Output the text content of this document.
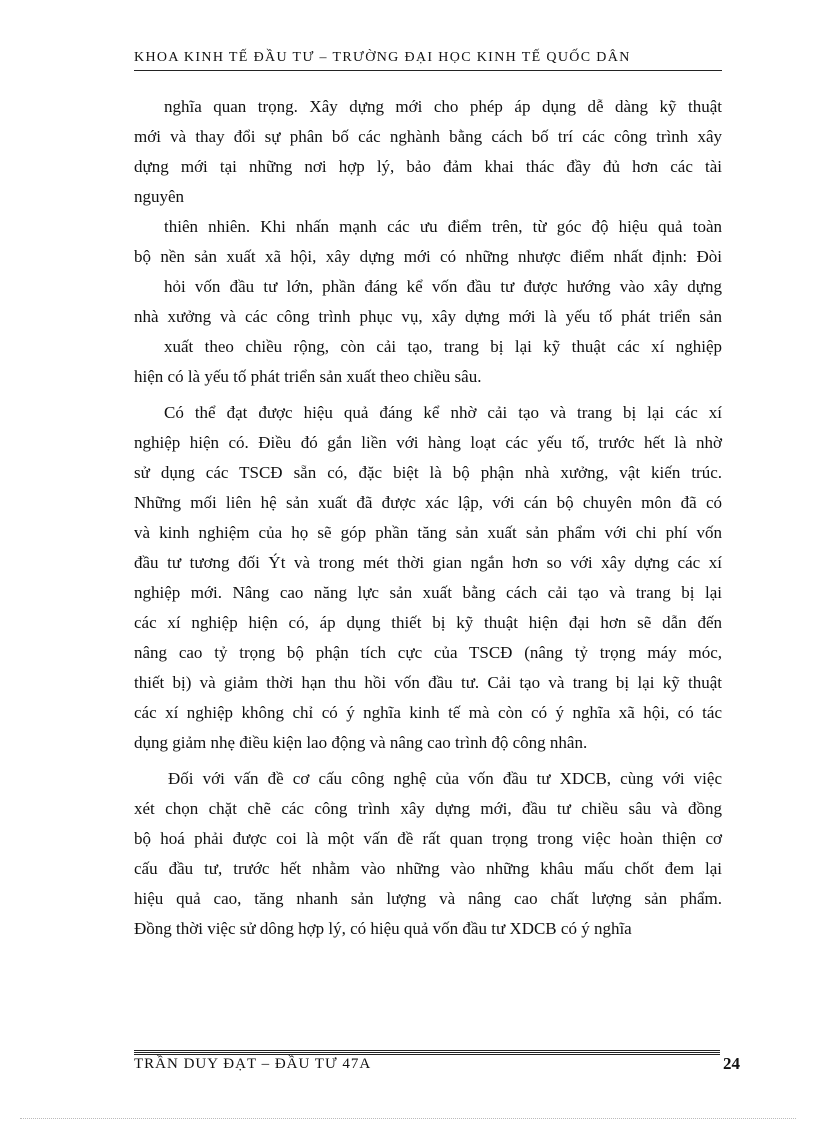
KHOA KINH TẾ ĐẦU TƯ – TRƯỜNG ĐẠI HỌC KINH TẾ QUỐC DÂN

nghĩa quan trọng. Xây dựng mới cho phép áp dụng dễ dàng kỹ thuật

mới và thay đổi sự phân bố các nghành bằng cách bố trí các công trình xây

dựng mới tại những nơi hợp lý, bảo đảm khai thác đầy đủ hơn các tài

nguyên

thiên nhiên. Khi nhấn mạnh các ưu điểm trên, từ góc độ hiệu quả toàn

bộ nền sản xuất xã hội, xây dựng mới có những nhược điểm nhất định: Đòi

hỏi vốn đầu tư lớn, phần đáng kể vốn đầu tư được hướng vào xây dựng

nhà xưởng và các công trình phục vụ, xây dựng mới là yếu tố phát triển sản

xuất theo chiều rộng, còn cải tạo, trang bị lại kỹ thuật các xí nghiệp

hiện có là yếu tố phát triển sản xuất theo chiều sâu.

Có thể đạt được hiệu quả đáng kể nhờ cải tạo và trang bị lại các xí

nghiệp hiện có. Điều đó gắn liền với hàng loạt các yếu tố, trước hết là nhờ

sử dụng các TSCĐ sẵn có, đặc biệt là bộ phận nhà xưởng, vật kiến trúc.

Những mối liên hệ sản xuất đã được xác lập, với cán bộ chuyên môn đã có

và kinh nghiệm của họ sẽ góp phần tăng sản xuất sản phẩm với chi phí vốn

đầu tư tương đối Ýt và trong mét thời gian ngắn hơn so với xây dựng các xí

nghiệp mới. Nâng cao năng lực sản xuất bằng cách cải tạo và trang bị lại

các xí nghiệp hiện có, áp dụng thiết bị kỹ thuật hiện đại hơn sẽ dẫn đến

nâng cao tỷ trọng bộ phận tích cực của TSCĐ (nâng tỷ trọng máy móc,

thiết bị) và giảm thời hạn thu hồi vốn đầu tư. Cải tạo và trang bị lại kỹ thuật

các xí nghiệp không chỉ có ý nghĩa kinh tế mà còn có ý nghĩa xã hội, có tác

dụng giảm nhẹ điều kiện lao động và nâng cao trình độ công nhân.

Đối với vấn đề cơ cấu công nghệ của vốn đầu tư XDCB, cùng với việc

xét chọn chặt chẽ các công trình xây dựng mới, đầu tư chiều sâu và đồng

bộ hoá phải được coi là một vấn đề rất quan trọng trong việc hoàn thiện cơ

cấu đầu tư, trước hết nhằm vào những vào những khâu mấu chốt đem lại

hiệu quả cao, tăng nhanh sản lượng và nâng cao chất lượng sản phẩm.

Đồng thời việc sử dông hợp lý, có hiệu quả vốn đầu tư XDCB có ý nghĩa

TRẦN DUY ĐẠT – ĐẦU TƯ 47A	24
